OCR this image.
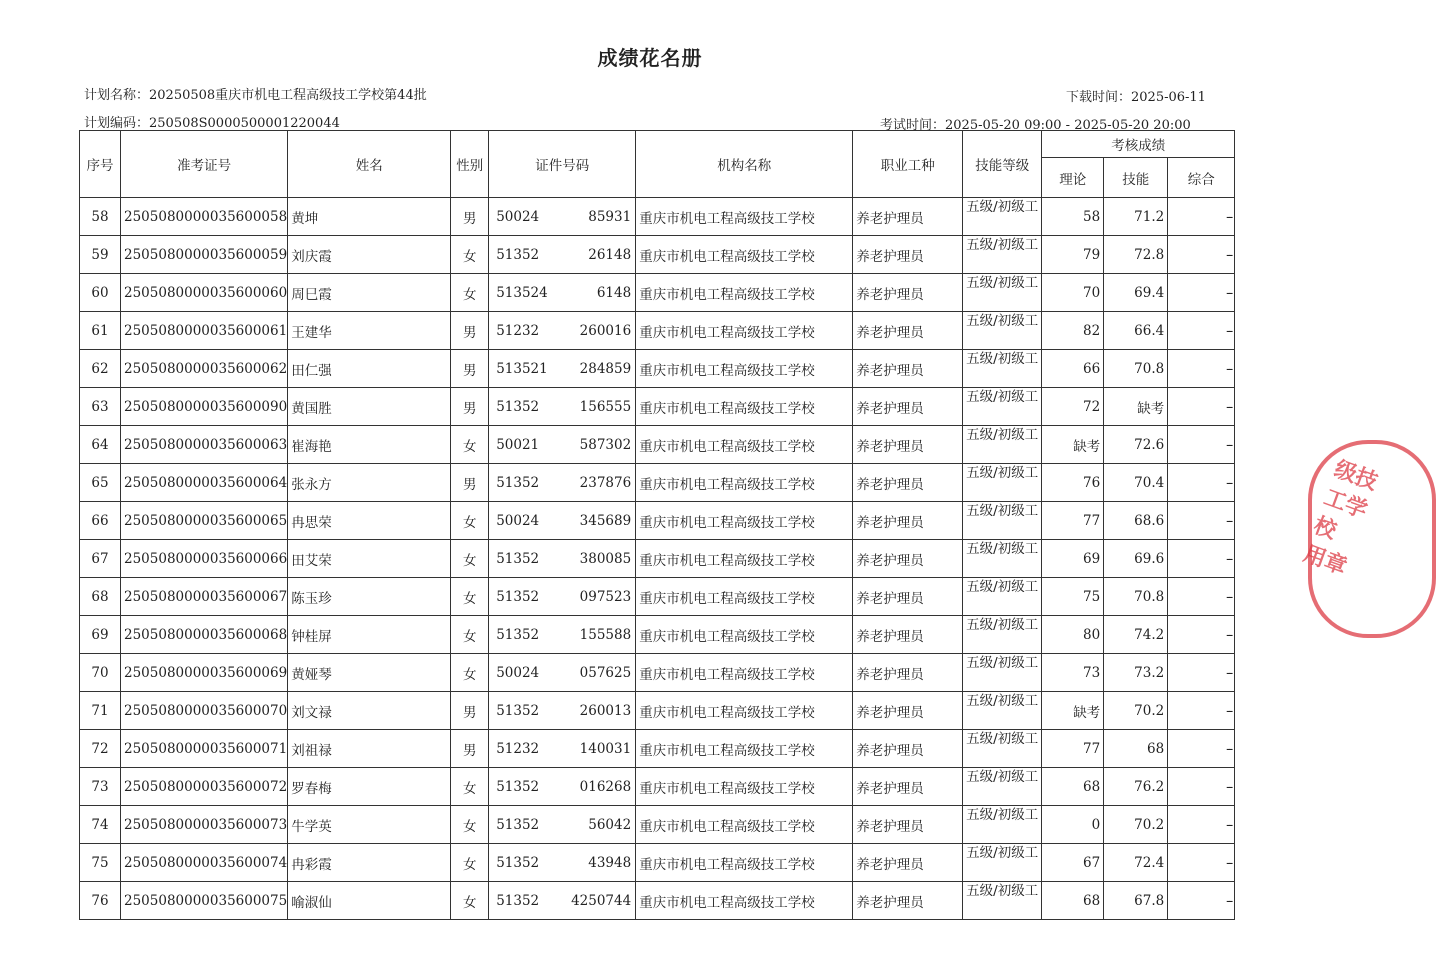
成绩花名册
计划名称：20250508重庆市机电工程高级技工学校第44批
计划编码：250508S000050000122004​4
下载时间：2025-06-11
考试时间：2025-05-20 09:00 - 2025-05-20 20:00
序号	准考证号	姓名	性别	证件号码	机构名称	职业工种	技能等级	考核成绩		
								理论	技能	综合
58	2505080000035600058	黄坤	男	50024 85931	重庆市机电工程高级技工学校	养老护理员	五级/初级工	58	71.2	--
59	2505080000035600059	刘庆霞	女	51352 26148	重庆市机电工程高级技工学校	养老护理员	五级/初级工	79	72.8	--
60	2505080000035600060	周巳霞	女	513524 6148	重庆市机电工程高级技工学校	养老护理员	五级/初级工	70	69.4	--
61	2505080000035600061	王建华	男	51232 260016	重庆市机电工程高级技工学校	养老护理员	五级/初级工	82	66.4	--
62	2505080000035600062	田仁强	男	513521 284859	重庆市机电工程高级技工学校	养老护理员	五级/初级工	66	70.8	--
63	2505080000035600090	黄国胜	男	51352 156555	重庆市机电工程高级技工学校	养老护理员	五级/初级工	72	缺考	--
64	2505080000035600063	崔海艳	女	50021 587302	重庆市机电工程高级技工学校	养老护理员	五级/初级工	缺考	72.6	--
65	2505080000035600064	张永方	男	51352 237876	重庆市机电工程高级技工学校	养老护理员	五级/初级工	76	70.4	--
66	2505080000035600065	冉思荣	女	50024 345689	重庆市机电工程高级技工学校	养老护理员	五级/初级工	77	68.6	--
67	2505080000035600066	田艾荣	女	51352 380085	重庆市机电工程高级技工学校	养老护理员	五级/初级工	69	69.6	--
68	2505080000035600067	陈玉珍	女	51352 097523	重庆市机电工程高级技工学校	养老护理员	五级/初级工	75	70.8	--
69	2505080000035600068	钟桂屏	女	51352 155588	重庆市机电工程高级技工学校	养老护理员	五级/初级工	80	74.2	--
70	2505080000035600069	黄娅琴	女	50024 057625	重庆市机电工程高级技工学校	养老护理员	五级/初级工	73	73.2	--
71	2505080000035600070	刘文禄	男	51352 260013	重庆市机电工程高级技工学校	养老护理员	五级/初级工	缺考	70.2	--
72	2505080000035600071	刘祖禄	男	51232 140031	重庆市机电工程高级技工学校	养老护理员	五级/初级工	77	68	--
73	2505080000035600072	罗春梅	女	51352 016268	重庆市机电工程高级技工学校	养老护理员	五级/初级工	68	76.2	--
74	2505080000035600073	牛学英	女	51352 56042	重庆市机电工程高级技工学校	养老护理员	五级/初级工	0	70.2	--
75	2505080000035600074	冉彩霞	女	51352 43948	重庆市机电工程高级技工学校	养老护理员	五级/初级工	67	72.4	--
76	2505080000035600075	喻淑仙	女	51352 4250744	重庆市机电工程高级技工学校	养老护理员	五级/初级工	68	67.8	--
级技工学校
用章
